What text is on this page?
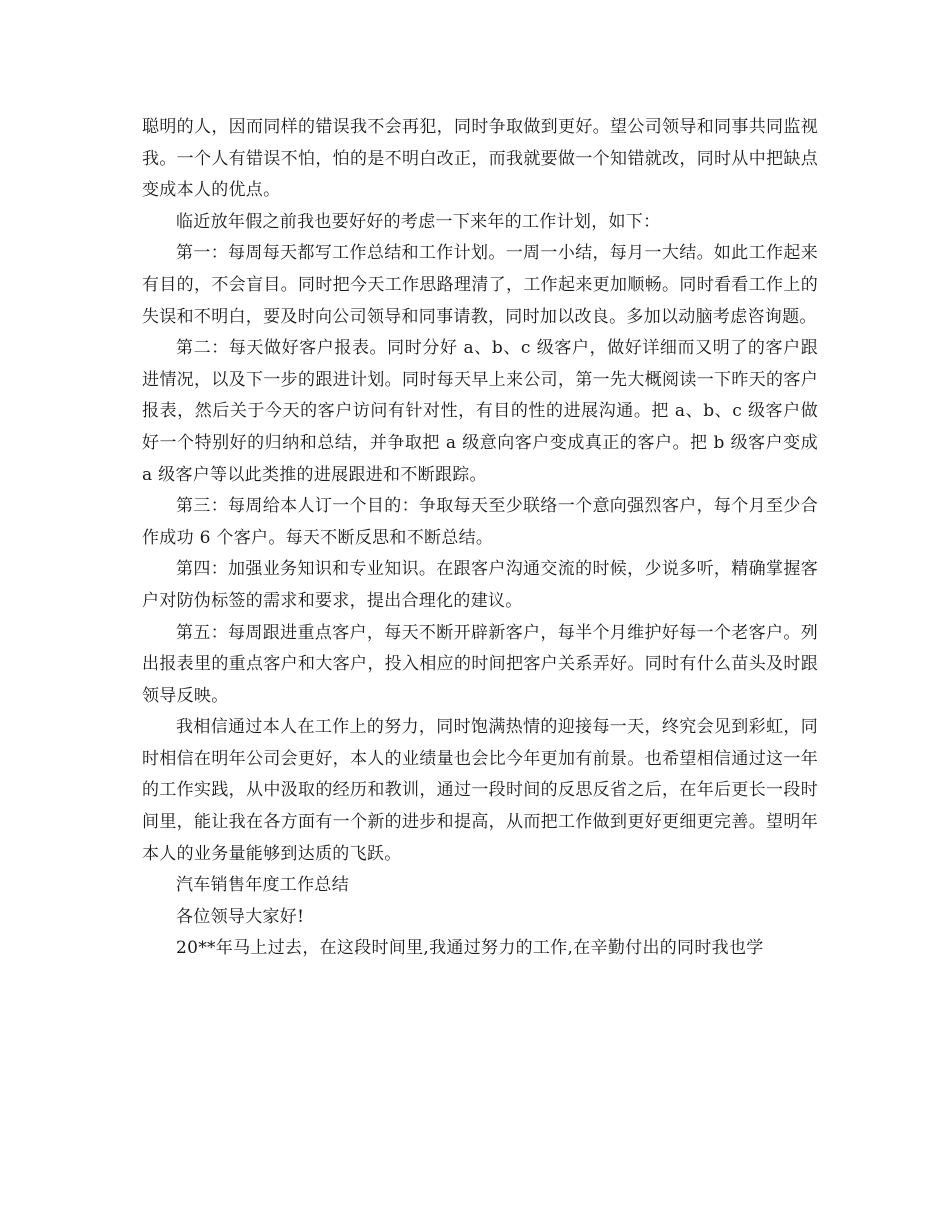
聪明的人，因而同样的错误我不会再犯，同时争取做到更好。望公司领导和同事共同监视我。一个人有错误不怕，怕的是不明白改正，而我就要做一个知错就改，同时从中把缺点变成本人的优点。

临近放年假之前我也要好好的考虑一下来年的工作计划，如下：

第一：每周每天都写工作总结和工作计划。一周一小结，每月一大结。如此工作起来有目的，不会盲目。同时把今天工作思路理清了，工作起来更加顺畅。同时看看工作上的失误和不明白，要及时向公司领导和同事请教，同时加以改良。多加以动脑考虑咨询题。

第二：每天做好客户报表。同时分好 a、b、c 级客户，做好详细而又明了的客户跟进情况，以及下一步的跟进计划。同时每天早上来公司，第一先大概阅读一下昨天的客户报表，然后关于今天的客户访问有针对性，有目的性的进展沟通。把 a、b、c 级客户做好一个特别好的归纳和总结，并争取把 a 级意向客户变成真正的客户。把 b 级客户变成 a 级客户等以此类推的进展跟进和不断跟踪。

第三：每周给本人订一个目的：争取每天至少联络一个意向强烈客户，每个月至少合作成功 6 个客户。每天不断反思和不断总结。

第四：加强业务知识和专业知识。在跟客户沟通交流的时候，少说多听，精确掌握客户对防伪标签的需求和要求，提出合理化的建议。

第五：每周跟进重点客户，每天不断开辟新客户，每半个月维护好每一个老客户。列出报表里的重点客户和大客户，投入相应的时间把客户关系弄好。同时有什么苗头及时跟领导反映。

我相信通过本人在工作上的努力，同时饱满热情的迎接每一天，终究会见到彩虹，同时相信在明年公司会更好，本人的业绩量也会比今年更加有前景。也希望相信通过这一年的工作实践，从中汲取的经历和教训，通过一段时间的反思反省之后，在年后更长一段时间里，能让我在各方面有一个新的进步和提高，从而把工作做到更好更细更完善。望明年本人的业务量能够到达质的飞跃。

汽车销售年度工作总结

各位领导大家好!

20**年马上过去，在这段时间里,我通过努力的工作,在辛勤付出的同时我也学
